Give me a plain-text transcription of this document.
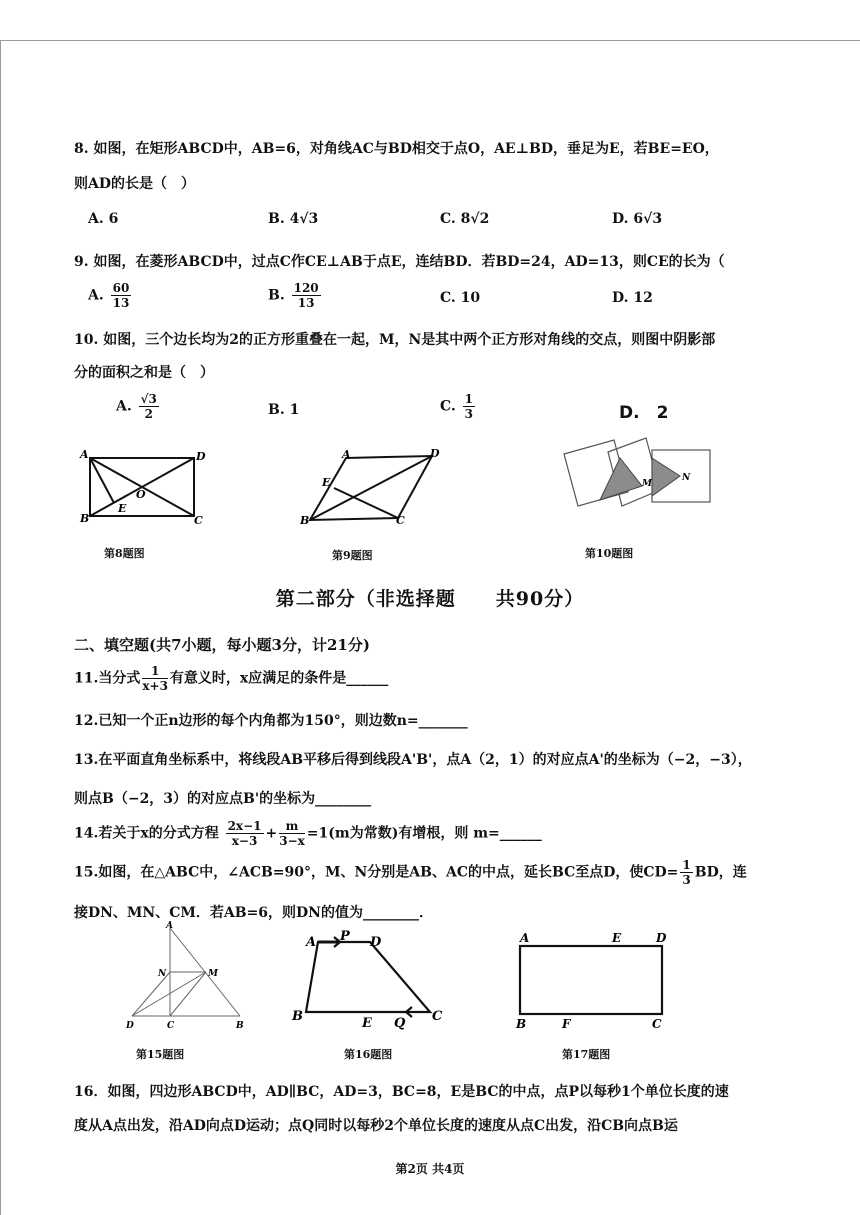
8. 如图，在矩形ABCD中，AB=6，对角线AC与BD相交于点O，AE⊥BD，垂足为E，若BE=EO，
则AD的长是（　）
A. 6	B. 4√3	C. 8√2	D. 6√3
9. 如图，在菱形ABCD中，过点C作CE⊥AB于点E，连结BD．若BD=24，AD=13，则CE的长为（
A. $\frac{60}{13}$	B. $\frac{120}{13}$	C. 10	D. 12
10. 如图，三个边长均为2的正方形重叠在一起，M，N是其中两个正方形对角线的交点，则图中阴影部
分的面积之和是（　）
A. $\frac{√3}{2}$	B. 1	C. $\frac{1}{3}$	D.　2
A	D
B	C
E
O
第8题图
A	D
B	C
E
第9题图
M
N
第10题图
第二部分（非选择题　　共90分）
二、填空题(共7小题，每小题3分，计21分)
11.当分式 $\frac{1}{x+3}$ 有意义时，x应满足的条件是______
12.已知一个正n边形的每个内角都为150°，则边数n=_______
13.在平面直角坐标系中，将线段AB平移后得到线段A'B'，点A（2，1）的对应点A'的坐标为（−2，−3），
则点B（−2，3）的对应点B'的坐标为________
14.若关于x的分式方程 $\frac{2x-1}{x-3} + \frac{m}{3-x} =1(m$为常数)有增根，则 m=______
15.如图，在△ABC中，∠ACB=90°，M、N分别是AB、AC的中点，延长BC至点D，使$CD= \frac{1}{3}$ BD，连
接DN、MN、CM．若AB=6，则DN的值为________．
A
N	M
D	C	B
第15题图
A P D
B	E Q C
第16题图
A	E	D
B	F	C
第17题图
16．如图，四边形ABCD中，AD∥BC，AD=3，BC=8，E是BC的中点，点P以每秒1个单位长度的速
度从A点出发，沿AD向点D运动；点Q同时以每秒2个单位长度的速度从点C出发，沿CB向点B运
第2页 共4页
